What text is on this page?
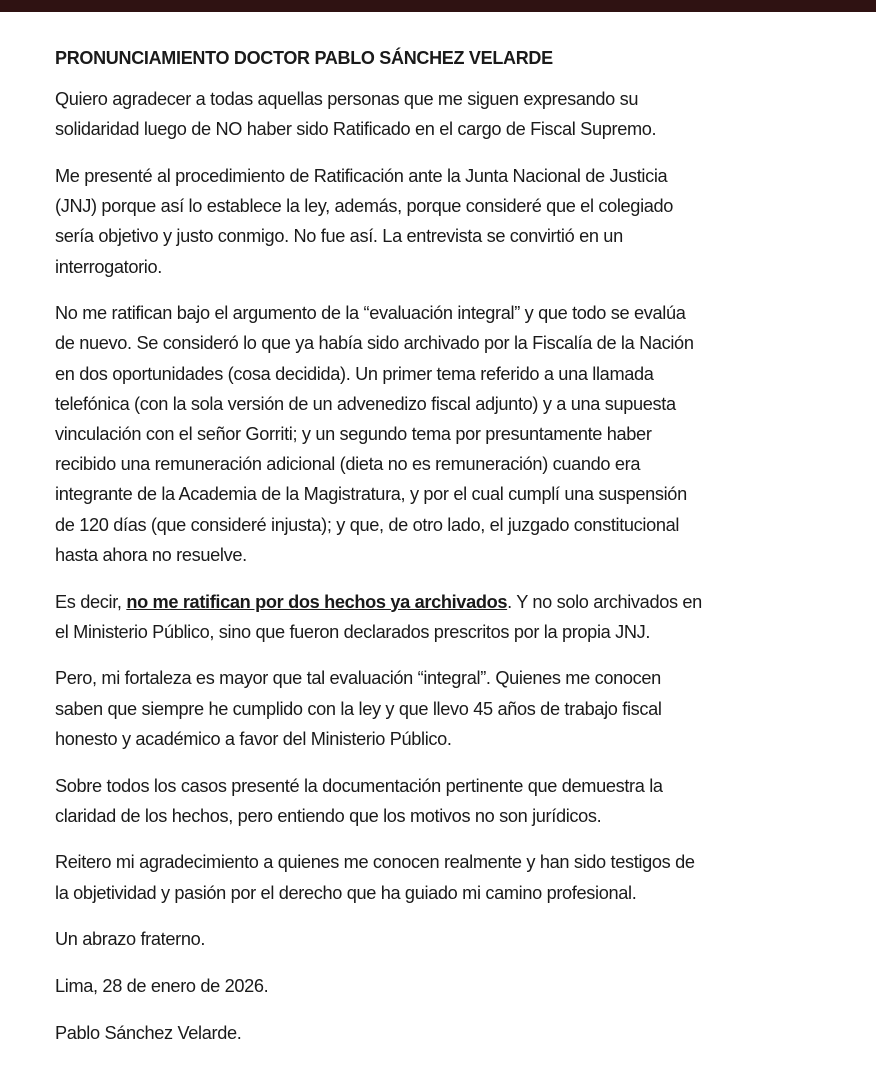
PRONUNCIAMIENTO DOCTOR PABLO SÁNCHEZ VELARDE

Quiero agradecer a todas aquellas personas que me siguen expresando su
solidaridad luego de NO haber sido Ratificado en el cargo de Fiscal Supremo.

Me presenté al procedimiento de Ratificación ante la Junta Nacional de Justicia
(JNJ) porque así lo establece la ley, además, porque consideré que el colegiado
sería objetivo y justo conmigo. No fue así. La entrevista se convirtió en un
interrogatorio.

No me ratifican bajo el argumento de la “evaluación integral” y que todo se evalúa
de nuevo. Se consideró lo que ya había sido archivado por la Fiscalía de la Nación
en dos oportunidades (cosa decidida). Un primer tema referido a una llamada
telefónica (con la sola versión de un advenedizo fiscal adjunto) y a una supuesta
vinculación con el señor Gorriti; y un segundo tema por presuntamente haber
recibido una remuneración adicional (dieta no es remuneración) cuando era
integrante de la Academia de la Magistratura, y por el cual cumplí una suspensión
de 120 días (que consideré injusta); y que, de otro lado, el juzgado constitucional
hasta ahora no resuelve.

Es decir, no me ratifican por dos hechos ya archivados. Y no solo archivados en
el Ministerio Público, sino que fueron declarados prescritos por la propia JNJ.

Pero, mi fortaleza es mayor que tal evaluación “integral”. Quienes me conocen
saben que siempre he cumplido con la ley y que llevo 45 años de trabajo fiscal
honesto y académico a favor del Ministerio Público.

Sobre todos los casos presenté la documentación pertinente que demuestra la
claridad de los hechos, pero entiendo que los motivos no son jurídicos.

Reitero mi agradecimiento a quienes me conocen realmente y han sido testigos de
la objetividad y pasión por el derecho que ha guiado mi camino profesional.

Un abrazo fraterno.

Lima, 28 de enero de 2026.

Pablo Sánchez Velarde.
